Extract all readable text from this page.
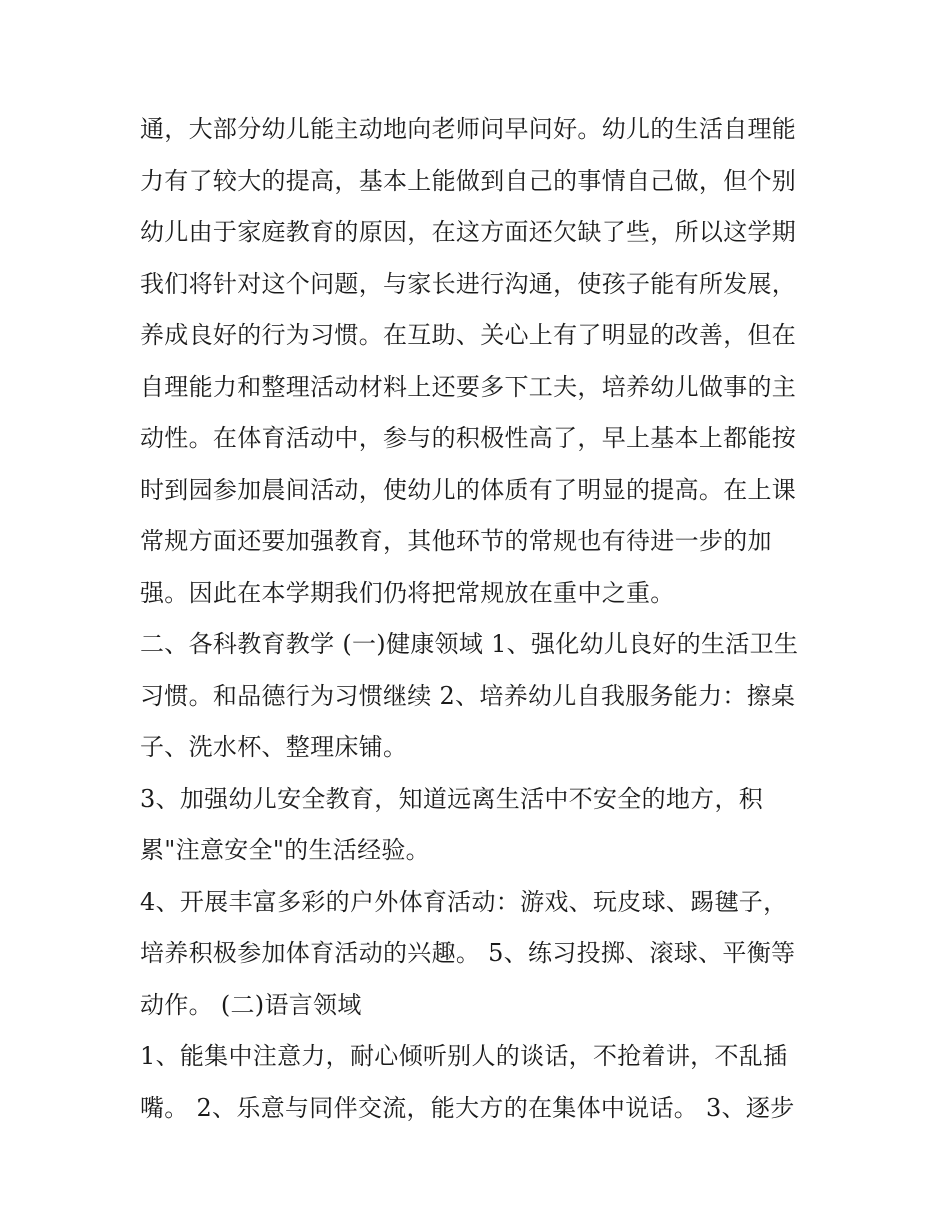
通，大部分幼儿能主动地向老师问早问好。幼儿的生活自理能
力有了较大的提高，基本上能做到自己的事情自己做，但个别
幼儿由于家庭教育的原因，在这方面还欠缺了些，所以这学期
我们将针对这个问题，与家长进行沟通，使孩子能有所发展，
养成良好的行为习惯。在互助、关心上有了明显的改善，但在
自理能力和整理活动材料上还要多下工夫，培养幼儿做事的主
动性。在体育活动中，参与的积极性高了，早上基本上都能按
时到园参加晨间活动，使幼儿的体质有了明显的提高。在上课
常规方面还要加强教育，其他环节的常规也有待进一步的加
强。因此在本学期我们仍将把常规放在重中之重。
二、各科教育教学 (一)健康领域 1、强化幼儿良好的生活卫生
习惯。和品德行为习惯继续 2、培养幼儿自我服务能力：擦桌
子、洗水杯、整理床铺。
3、加强幼儿安全教育，知道远离生活中不安全的地方，积
累"注意安全"的生活经验。
4、开展丰富多彩的户外体育活动：游戏、玩皮球、踢毽子，
培养积极参加体育活动的兴趣。 5、练习投掷、滚球、平衡等
动作。 (二)语言领域
1、能集中注意力，耐心倾听别人的谈话，不抢着讲，不乱插
嘴。 2、乐意与同伴交流，能大方的在集体中说话。 3、逐步
